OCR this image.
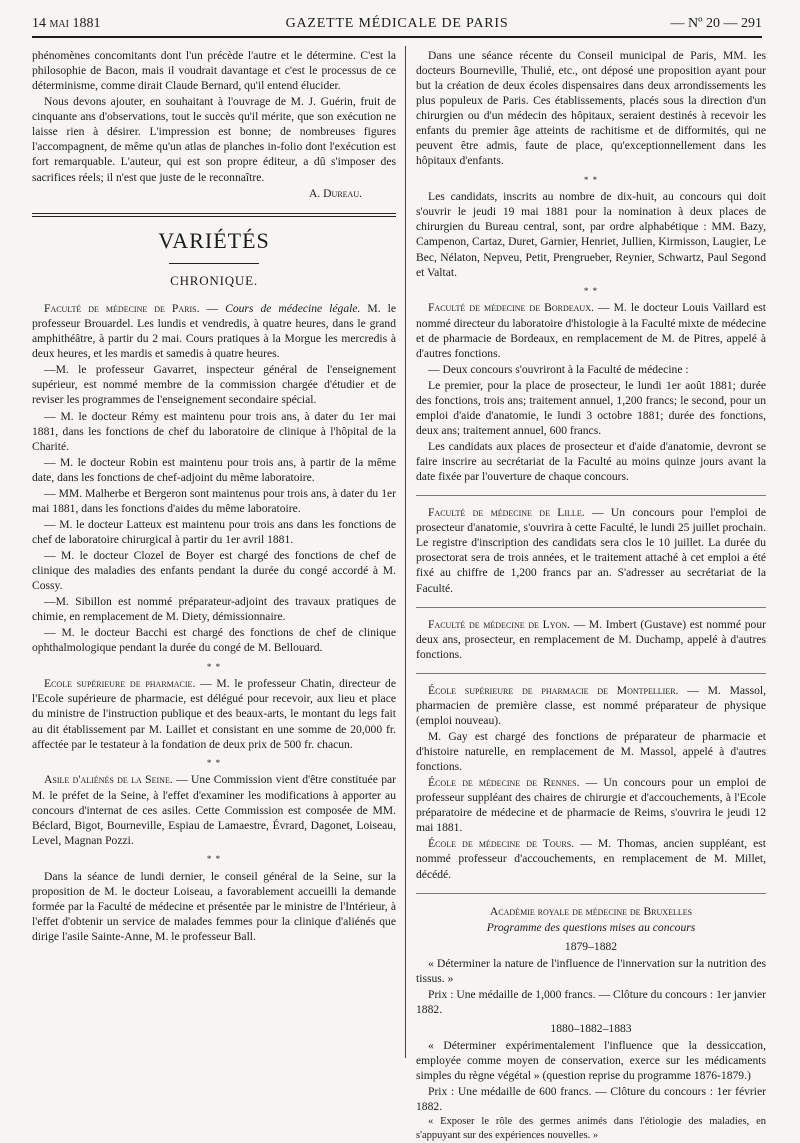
14 mai 1881	GAZETTE MÉDICALE DE PARIS	— Nº 20 — 291

phénomènes concomitants dont l'un précède l'autre et le détermine. C'est la philosophie de Bacon, mais il voudrait davantage et c'est le processus de ce déterminisme, comme dirait Claude Bernard, qu'il entend élucider.

Nous devons ajouter, en souhaitant à l'ouvrage de M. J. Guérin, fruit de cinquante ans d'observations, tout le succès qu'il mérite, que son exécution ne laisse rien à désirer. L'impression est bonne; de nombreuses figures l'accompagnent, de même qu'un atlas de planches in-folio dont l'exécution est fort remarquable. L'auteur, qui est son propre éditeur, a dû s'imposer des sacrifices réels; il n'est que juste de le reconnaître.

A. Dureau.
VARIÉTÉS
CHRONIQUE.

Faculté de médecine de Paris. — Cours de médecine légale. M. le professeur Brouardel. Les lundis et vendredis, à quatre heures, dans le grand amphithéâtre, à partir du 2 mai. Cours pratiques à la Morgue les mercredis à deux heures, et les mardis et samedis à quatre heures.

—M. le professeur Gavarret, inspecteur général de l'enseignement supérieur, est nommé membre de la commission chargée d'étudier et de reviser les programmes de l'enseignement secondaire spécial.

— M. le docteur Rémy est maintenu pour trois ans, à dater du 1er mai 1881, dans les fonctions de chef du laboratoire de clinique à l'hôpital de la Charité.

— M. le docteur Robin est maintenu pour trois ans, à partir de la même date, dans les fonctions de chef-adjoint du même laboratoire.

— MM. Malherbe et Bergeron sont maintenus pour trois ans, à dater du 1er mai 1881, dans les fonctions d'aides du même laboratoire.

— M. le docteur Latteux est maintenu pour trois ans dans les fonctions de chef de laboratoire chirurgical à partir du 1er avril 1881.

— M. le docteur Clozel de Boyer est chargé des fonctions de chef de clinique des maladies des enfants pendant la durée du congé accordé à M. Cossy.

—M. Sibillon est nommé préparateur-adjoint des travaux pratiques de chimie, en remplacement de M. Diety, démissionnaire.

— M. le docteur Bacchi est chargé des fonctions de chef de clinique ophthalmologique pendant la durée du congé de M. Bellouard.

* *

Ecole supérieure de pharmacie. — M. le professeur Chatin, directeur de l'Ecole supérieure de pharmacie, est délégué pour recevoir, aux lieu et place du ministre de l'instruction publique et des beaux-arts, le montant du legs fait au dit établissement par M. Laillet et consistant en une somme de 20,000 fr. affectée par le testateur à la fondation de deux prix de 500 fr. chacun.

* *

Asile d'aliénés de la Seine. — Une Commission vient d'être constituée par M. le préfet de la Seine, à l'effet d'examiner les modifications à apporter au concours d'internat de ces asiles. Cette Commission est composée de MM. Béclard, Bigot, Bourneville, Espiau de Lamaestre, Évrard, Dagonet, Loiseau, Level, Magnan Pozzi.

* *

Dans la séance de lundi dernier, le conseil général de la Seine, sur la proposition de M. le docteur Loiseau, a favorablement accueilli la demande formée par la Faculté de médecine et présentée par le ministre de l'Intérieur, à l'effet d'obtenir un service de malades femmes pour la clinique d'aliénés que dirige l'asile Sainte-Anne, M. le professeur Ball.

Dans une séance récente du Conseil municipal de Paris, MM. les docteurs Bourneville, Thulié, etc., ont déposé une proposition ayant pour but la création de deux écoles dispensaires dans deux arrondissements les plus populeux de Paris. Ces établissements, placés sous la direction d'un chirurgien ou d'un médecin des hôpitaux, seraient destinés à recevoir les enfants du premier âge atteints de rachitisme et de difformités, qui ne peuvent être admis, faute de place, qu'exceptionnellement dans les hôpitaux d'enfants.

* *

Les candidats, inscrits au nombre de dix-huit, au concours qui doit s'ouvrir le jeudi 19 mai 1881 pour la nomination à deux places de chirurgien du Bureau central, sont, par ordre alphabétique : MM. Bazy, Campenon, Cartaz, Duret, Garnier, Henriet, Jullien, Kirmisson, Laugier, Le Bec, Nélaton, Nepveu, Petit, Prengrueber, Reynier, Schwartz, Paul Segond et Valtat.

* *

Faculté de médecine de Bordeaux. — M. le docteur Louis Vaillard est nommé directeur du laboratoire d'histologie à la Faculté mixte de médecine et de pharmacie de Bordeaux, en remplacement de M. de Pitres, appelé à d'autres fonctions.

— Deux concours s'ouvriront à la Faculté de médecine :

Le premier, pour la place de prosecteur, le lundi 1er août 1881; durée des fonctions, trois ans; traitement annuel, 1,200 francs; le second, pour un emploi d'aide d'anatomie, le lundi 3 octobre 1881; durée des fonctions, deux ans; traitement annuel, 600 francs.

Les candidats aux places de prosecteur et d'aide d'anatomie, devront se faire inscrire au secrétariat de la Faculté au moins quinze jours avant la date fixée par l'ouverture de chaque concours.

Faculté de médecine de Lille. — Un concours pour l'emploi de prosecteur d'anatomie, s'ouvrira à cette Faculté, le lundi 25 juillet prochain. Le registre d'inscription des candidats sera clos le 10 juillet. La durée du prosectorat sera de trois années, et le traitement attaché à cet emploi a été fixé au chiffre de 1,200 francs par an. S'adresser au secrétariat de la Faculté.

Faculté de médecine de Lyon. — M. Imbert (Gustave) est nommé pour deux ans, prosecteur, en remplacement de M. Duchamp, appelé à d'autres fonctions.

École supérieure de pharmacie de Montpellier. — M. Massol, pharmacien de première classe, est nommé préparateur de physique (emploi nouveau).

M. Gay est chargé des fonctions de préparateur de pharmacie et d'histoire naturelle, en remplacement de M. Massol, appelé à d'autres fonctions.

École de médecine de Rennes. — Un concours pour un emploi de professeur suppléant des chaires de chirurgie et d'accouchements, à l'Ecole préparatoire de médecine et de pharmacie de Reims, s'ouvrira le jeudi 12 mai 1881.

École de médecine de Tours. — M. Thomas, ancien suppléant, est nommé professeur d'accouchements, en remplacement de M. Millet, décédé.

Académie royale de médecine de Bruxelles
Programme des questions mises au concours
1879–1882

« Déterminer la nature de l'influence de l'innervation sur la nutrition des tissus. »

Prix : Une médaille de 1,000 francs. — Clôture du concours : 1er janvier 1882.

1880–1882–1883

« Déterminer expérimentalement l'influence que la dessiccation, employée comme moyen de conservation, exerce sur les médicaments simples du règne végétal » (question reprise du programme 1876-1879.)

Prix : Une médaille de 600 francs. — Clôture du concours : 1er février 1882.

« Exposer le rôle des germes animés dans l'étiologie des maladies, en s'appuyant sur des expériences nouvelles. »
